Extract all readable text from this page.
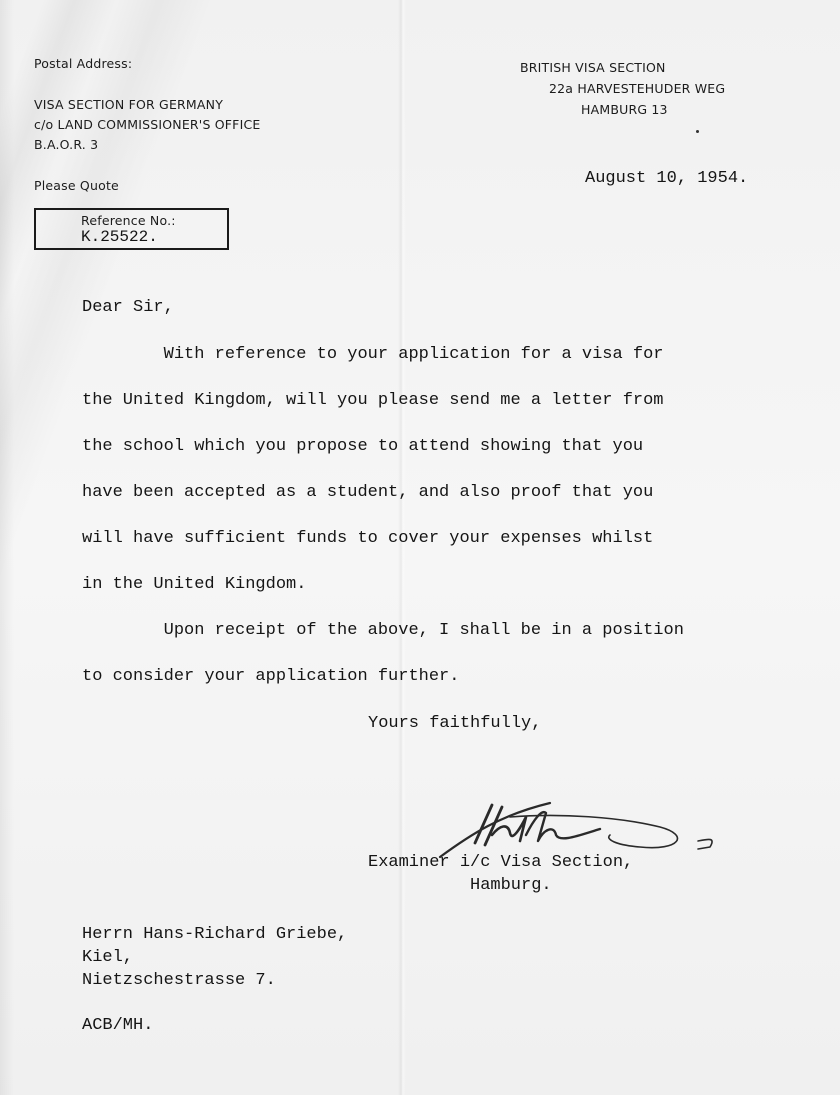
Postal Address:
VISA SECTION FOR GERMANY
c/o LAND COMMISSIONER'S OFFICE
B.A.O.R. 3
Please Quote
Reference No.:
K.25522.
BRITISH VISA SECTION
22a HARVESTEHUDER WEG
HAMBURG 13
August 10, 1954.
Dear Sir,
With reference to your application for a visa for
the United Kingdom, will you please send me a letter from
the school which you propose to attend showing that you
have been accepted as a student, and also proof that you
will have sufficient funds to cover your expenses whilst
in the United Kingdom.
Upon receipt of the above, I shall be in a position
to consider your application further.
Yours faithfully,
Examiner i/c Visa Section,
Hamburg.
Herrn Hans-Richard Griebe,
Kiel,
Nietzschestrasse 7.
ACB/MH.
